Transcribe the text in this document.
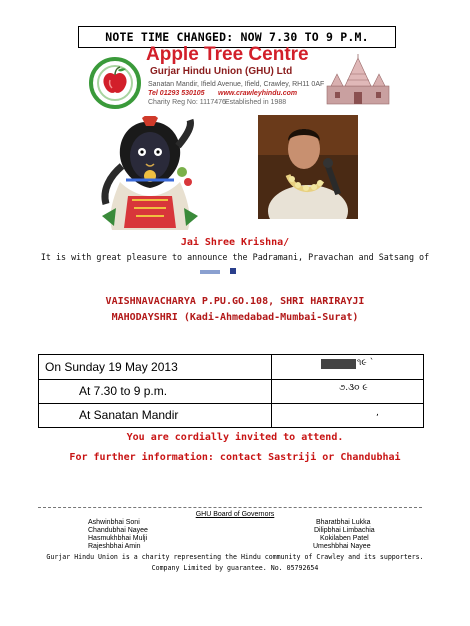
NOTE TIME CHANGED: NOW 7.30 TO 9 P.M.
Apple Tree Centre
Gurjar Hindu Union (GHU) Ltd
Sanatan Mandir, Ifield Avenue, Ifield, Crawley, RH11 0AF
Tel 01293 530105 www.crawleyhindu.com
Charity Reg No: 1117476 Established in 1988
Jai Shree Krishna/
It is with great pleasure to announce the Padramani, Pravachan and Satsang of
VAISHNAVACHARYA P.PU.GO.108, SHRI HARIRAYJI
MAHODAYSHRI (Kadi-Ahmedabad-Mumbai-Surat)
On Sunday 19 May 2013
At 7.30 to 9 p.m.
At Sanatan Mandir
૧૯ `
૭.૩૦ ૯
,
You are cordially invited to attend.
For further information: contact Sastriji or Chandubhai
GHU Board of Governors
Ashwinbhai Soni
Chandubhai Nayee
Hasmukhbhai Mulji
Rajeshbhai Amin
Bharatbhai Lukka
Dilipbhai Limbachia
Kokilaben Patel
Umeshbhai Nayee
Gurjar Hindu Union is a charity representing the Hindu community of Crawley and its supporters.
Company Limited by guarantee. No. 05792654
